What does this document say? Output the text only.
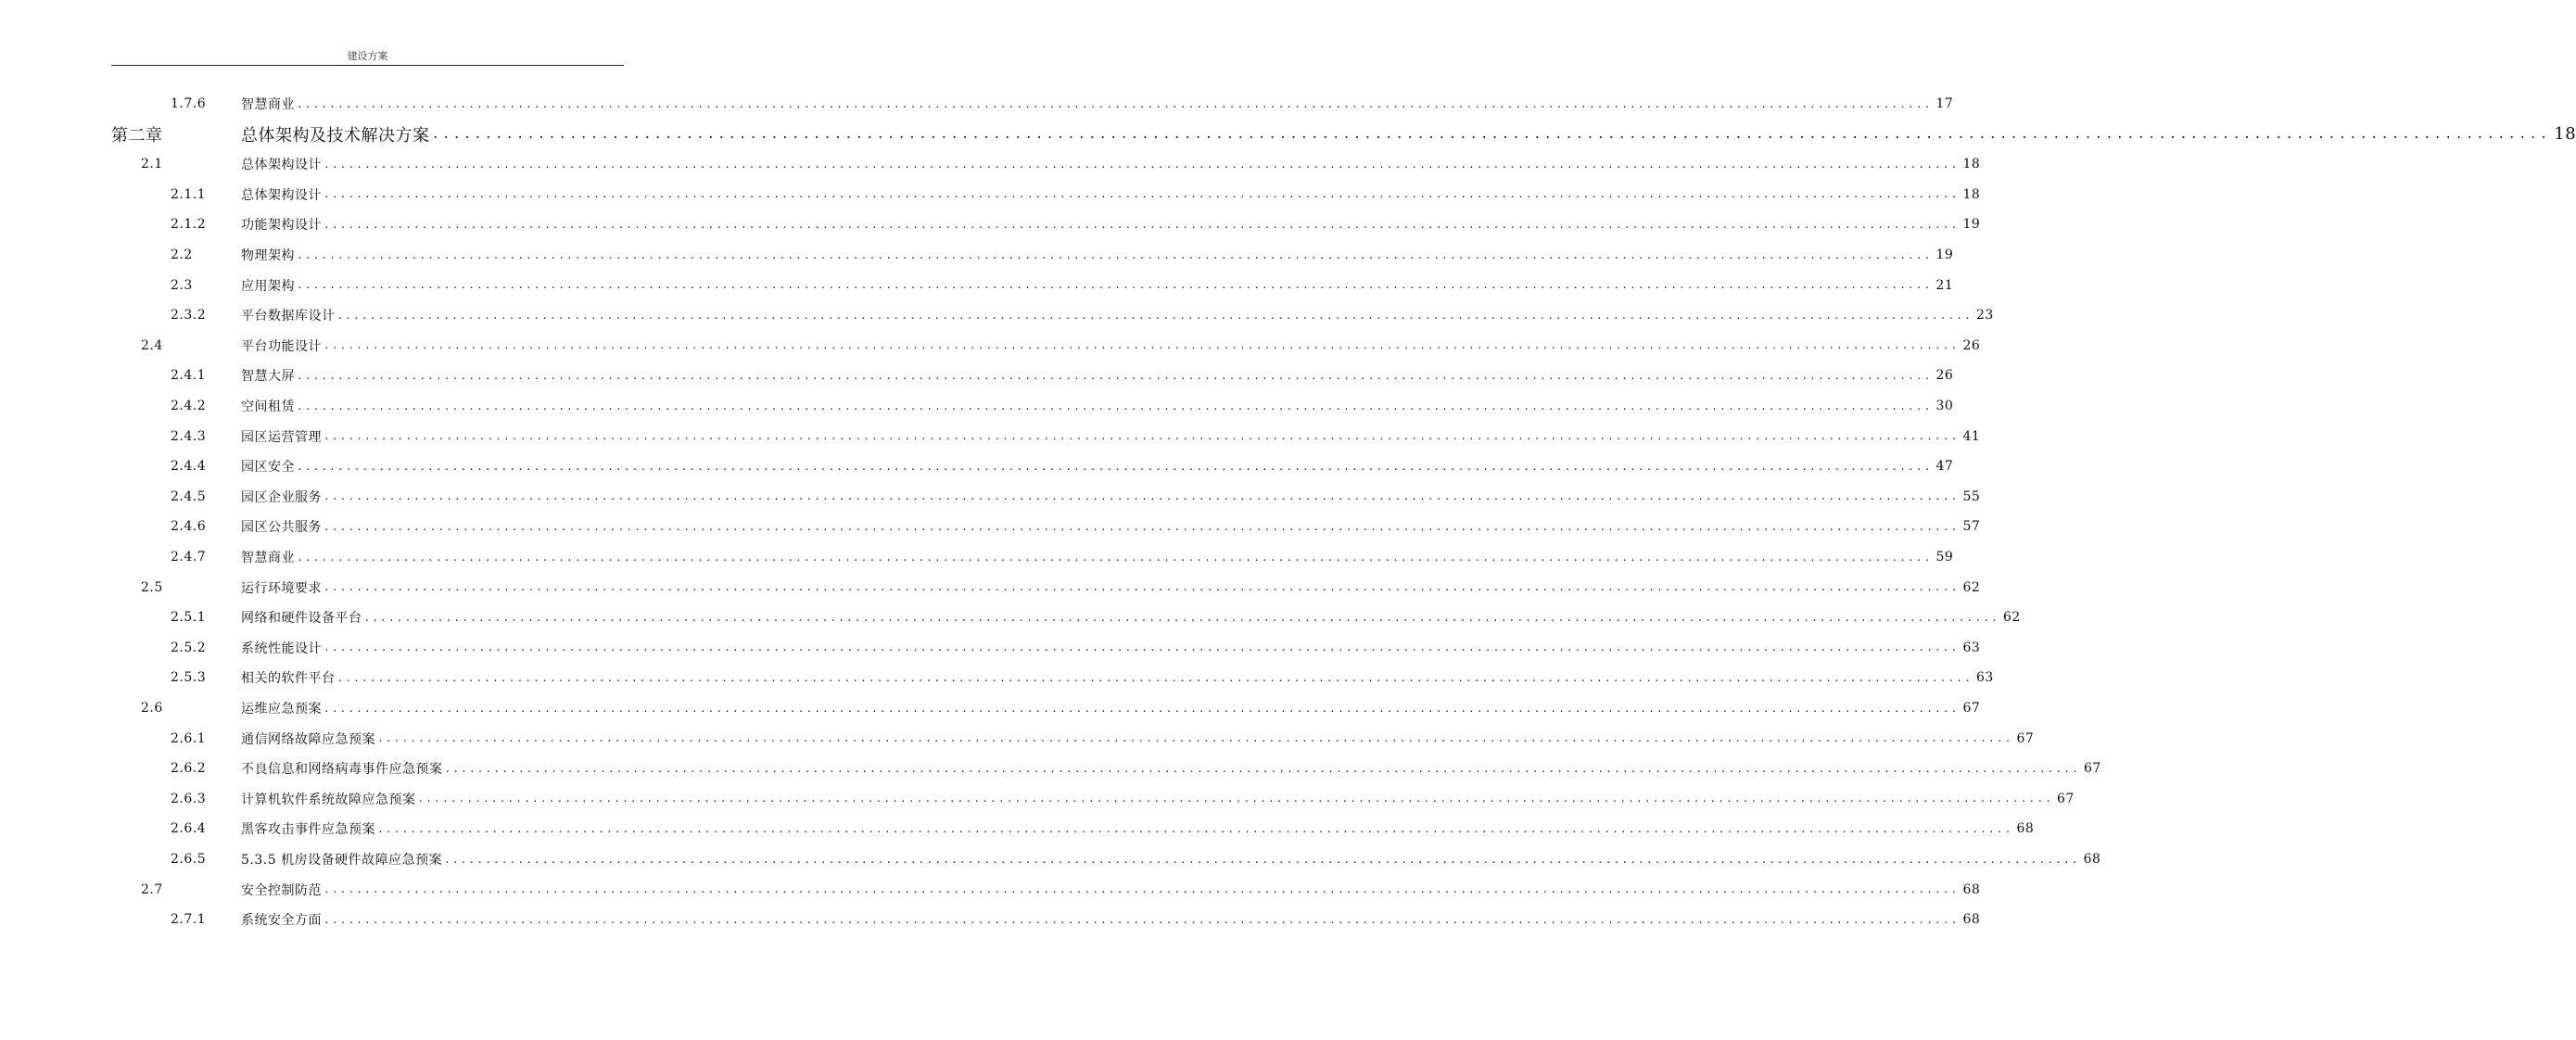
建设方案
1.7.6	智慧商业 ........................................................................................................................................................................................................ 17
第二章	总体架构及技术解决方案 ........................................................................................................................................................................................................ 18
2.1	总体架构设计 ........................................................................................................................................................................................................ 18
2.1.1	总体架构设计 ........................................................................................................................................................................................................ 18
2.1.2	功能架构设计 ........................................................................................................................................................................................................ 19
2.2	物理架构 ........................................................................................................................................................................................................ 19
2.3	应用架构 ........................................................................................................................................................................................................ 21
2.3.2	平台数据库设计 ........................................................................................................................................................................................................ 23
2.4	平台功能设计 ........................................................................................................................................................................................................ 26
2.4.1	智慧大屏 ........................................................................................................................................................................................................ 26
2.4.2	空间租赁 ........................................................................................................................................................................................................ 30
2.4.3	园区运营管理 ........................................................................................................................................................................................................ 41
2.4.4	园区安全 ........................................................................................................................................................................................................ 47
2.4.5	园区企业服务 ........................................................................................................................................................................................................ 55
2.4.6	园区公共服务 ........................................................................................................................................................................................................ 57
2.4.7	智慧商业 ........................................................................................................................................................................................................ 59
2.5	运行环境要求 ........................................................................................................................................................................................................ 62
2.5.1	网络和硬件设备平台 ........................................................................................................................................................................................................ 62
2.5.2	系统性能设计 ........................................................................................................................................................................................................ 63
2.5.3	相关的软件平台 ........................................................................................................................................................................................................ 63
2.6	运维应急预案 ........................................................................................................................................................................................................ 67
2.6.1	通信网络故障应急预案 ........................................................................................................................................................................................................ 67
2.6.2	不良信息和网络病毒事件应急预案 ........................................................................................................................................................................................................ 67
2.6.3	计算机软件系统故障应急预案 ........................................................................................................................................................................................................ 67
2.6.4	黑客攻击事件应急预案 ........................................................................................................................................................................................................ 68
2.6.5	5.3.5 机房设备硬件故障应急预案 ........................................................................................................................................................................................................ 68
2.7	安全控制防范 ........................................................................................................................................................................................................ 68
2.7.1	系统安全方面 ........................................................................................................................................................................................................ 68
